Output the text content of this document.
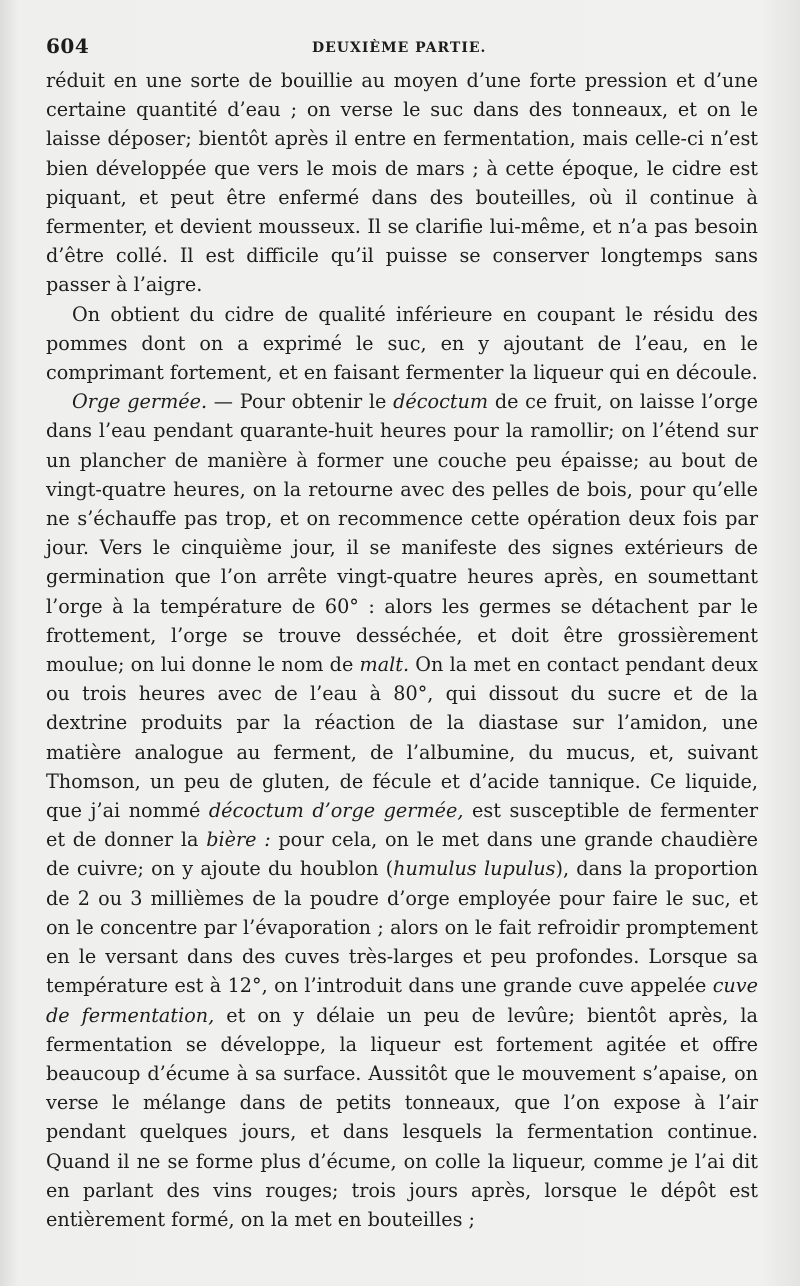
604	DEUXIÈME PARTIE.

réduit en une sorte de bouillie au moyen d’une forte pression et d’une certaine quantité d’eau ; on verse le suc dans des tonneaux, et on le laisse déposer; bientôt après il entre en fermentation, mais celle-ci n’est bien développée que vers le mois de mars ; à cette époque, le cidre est piquant, et peut être enfermé dans des bouteilles, où il continue à fermenter, et devient mousseux. Il se clarifie lui-même, et n’a pas besoin d’être collé. Il est difficile qu’il puisse se conserver longtemps sans passer à l’aigre.

On obtient du cidre de qualité inférieure en coupant le résidu des pommes dont on a exprimé le suc, en y ajoutant de l’eau, en le comprimant fortement, et en faisant fermenter la liqueur qui en découle.

Orge germée. — Pour obtenir le décoctum de ce fruit, on laisse l’orge dans l’eau pendant quarante-huit heures pour la ramollir; on l’étend sur un plancher de manière à former une couche peu épaisse; au bout de vingt-quatre heures, on la retourne avec des pelles de bois, pour qu’elle ne s’échauffe pas trop, et on recommence cette opération deux fois par jour. Vers le cinquième jour, il se manifeste des signes extérieurs de germination que l’on arrête vingt-quatre heures après, en soumettant l’orge à la température de 60° : alors les germes se détachent par le frottement, l’orge se trouve desséchée, et doit être grossièrement moulue; on lui donne le nom de malt. On la met en contact pendant deux ou trois heures avec de l’eau à 80°, qui dissout du sucre et de la dextrine produits par la réaction de la diastase sur l’amidon, une matière analogue au ferment, de l’albumine, du mucus, et, suivant Thomson, un peu de gluten, de fécule et d’acide tannique. Ce liquide, que j’ai nommé décoctum d’orge germée, est susceptible de fermenter et de donner la bière : pour cela, on le met dans une grande chaudière de cuivre; on y ajoute du houblon (humulus lupulus), dans la proportion de 2 ou 3 millièmes de la poudre d’orge employée pour faire le suc, et on le concentre par l’évaporation ; alors on le fait refroidir promptement en le versant dans des cuves très-larges et peu profondes. Lorsque sa température est à 12°, on l’introduit dans une grande cuve appelée cuve de fermentation, et on y délaie un peu de levûre; bientôt après, la fermentation se développe, la liqueur est fortement agitée et offre beaucoup d’écume à sa surface. Aussitôt que le mouvement s’apaise, on verse le mélange dans de petits tonneaux, que l’on expose à l’air pendant quelques jours, et dans lesquels la fermentation continue. Quand il ne se forme plus d’écume, on colle la liqueur, comme je l’ai dit en parlant des vins rouges; trois jours après, lorsque le dépôt est entièrement formé, on la met en bouteilles ;
